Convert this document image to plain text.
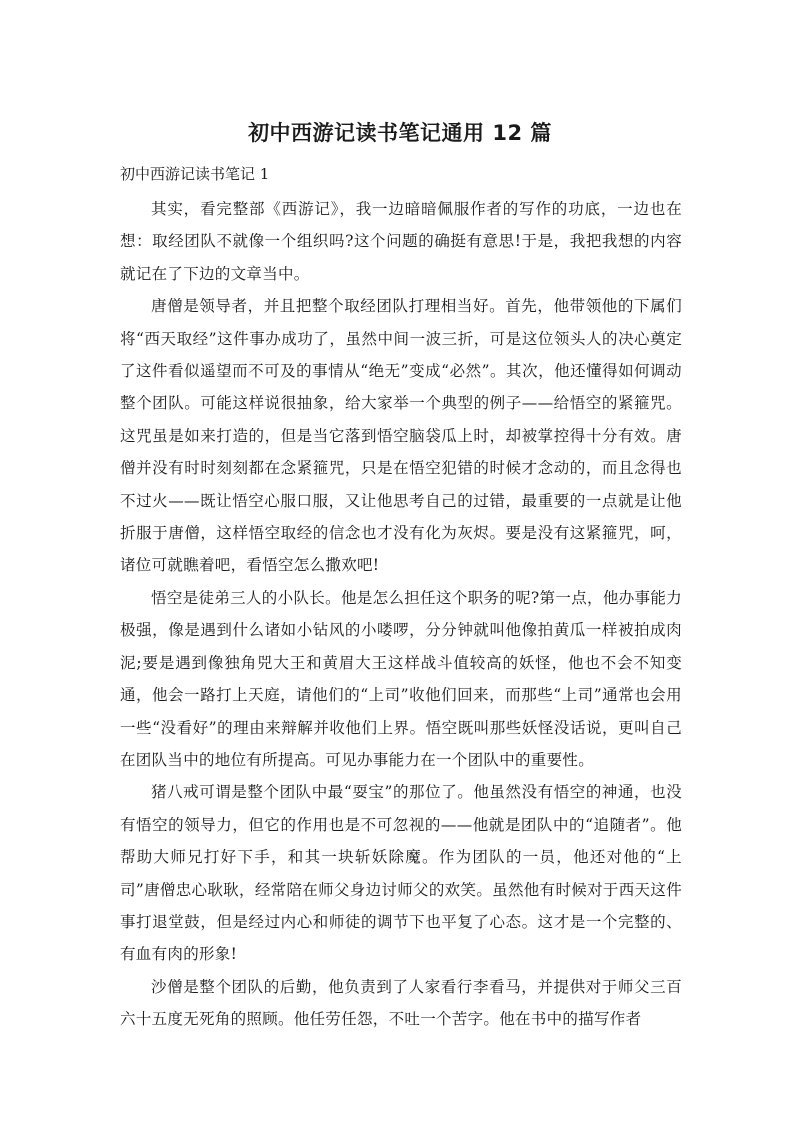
初中西游记读书笔记通用 12 篇
初中西游记读书笔记 1

其实，看完整部《西游记》，我一边暗暗佩服作者的写作的功底，一边也在想：取经团队不就像一个组织吗?这个问题的确挺有意思!于是，我把我想的内容就记在了下边的文章当中。

唐僧是领导者，并且把整个取经团队打理相当好。首先，他带领他的下属们将“西天取经”这件事办成功了，虽然中间一波三折，可是这位领头人的决心奠定了这件看似遥望而不可及的事情从“绝无”变成“必然”。其次，他还懂得如何调动整个团队。可能这样说很抽象，给大家举一个典型的例子——给悟空的紧箍咒。这咒虽是如来打造的，但是当它落到悟空脑袋瓜上时，却被掌控得十分有效。唐僧并没有时时刻刻都在念紧箍咒，只是在悟空犯错的时候才念动的，而且念得也不过火——既让悟空心服口服，又让他思考自己的过错，最重要的一点就是让他折服于唐僧，这样悟空取经的信念也才没有化为灰烬。要是没有这紧箍咒，呵，诸位可就瞧着吧，看悟空怎么撒欢吧!

悟空是徒弟三人的小队长。他是怎么担任这个职务的呢?第一点，他办事能力极强，像是遇到什么诸如小钻风的小喽啰，分分钟就叫他像拍黄瓜一样被拍成肉泥;要是遇到像独角兕大王和黄眉大王这样战斗值较高的妖怪，他也不会不知变通，他会一路打上天庭，请他们的“上司”收他们回来，而那些“上司”通常也会用一些“没看好”的理由来辩解并收他们上界。悟空既叫那些妖怪没话说，更叫自己在团队当中的地位有所提高。可见办事能力在一个团队中的重要性。

猪八戒可谓是整个团队中最“耍宝”的那位了。他虽然没有悟空的神通，也没有悟空的领导力，但它的作用也是不可忽视的——他就是团队中的“追随者”。他帮助大师兄打好下手，和其一块斩妖除魔。作为团队的一员，他还对他的“上司”唐僧忠心耿耿，经常陪在师父身边讨师父的欢笑。虽然他有时候对于西天这件事打退堂鼓，但是经过内心和师徒的调节下也平复了心态。这才是一个完整的、有血有肉的形象!

沙僧是整个团队的后勤，他负责到了人家看行李看马，并提供对于师父三百六十五度无死角的照顾。他任劳任怨，不吐一个苦字。他在书中的描写作者
